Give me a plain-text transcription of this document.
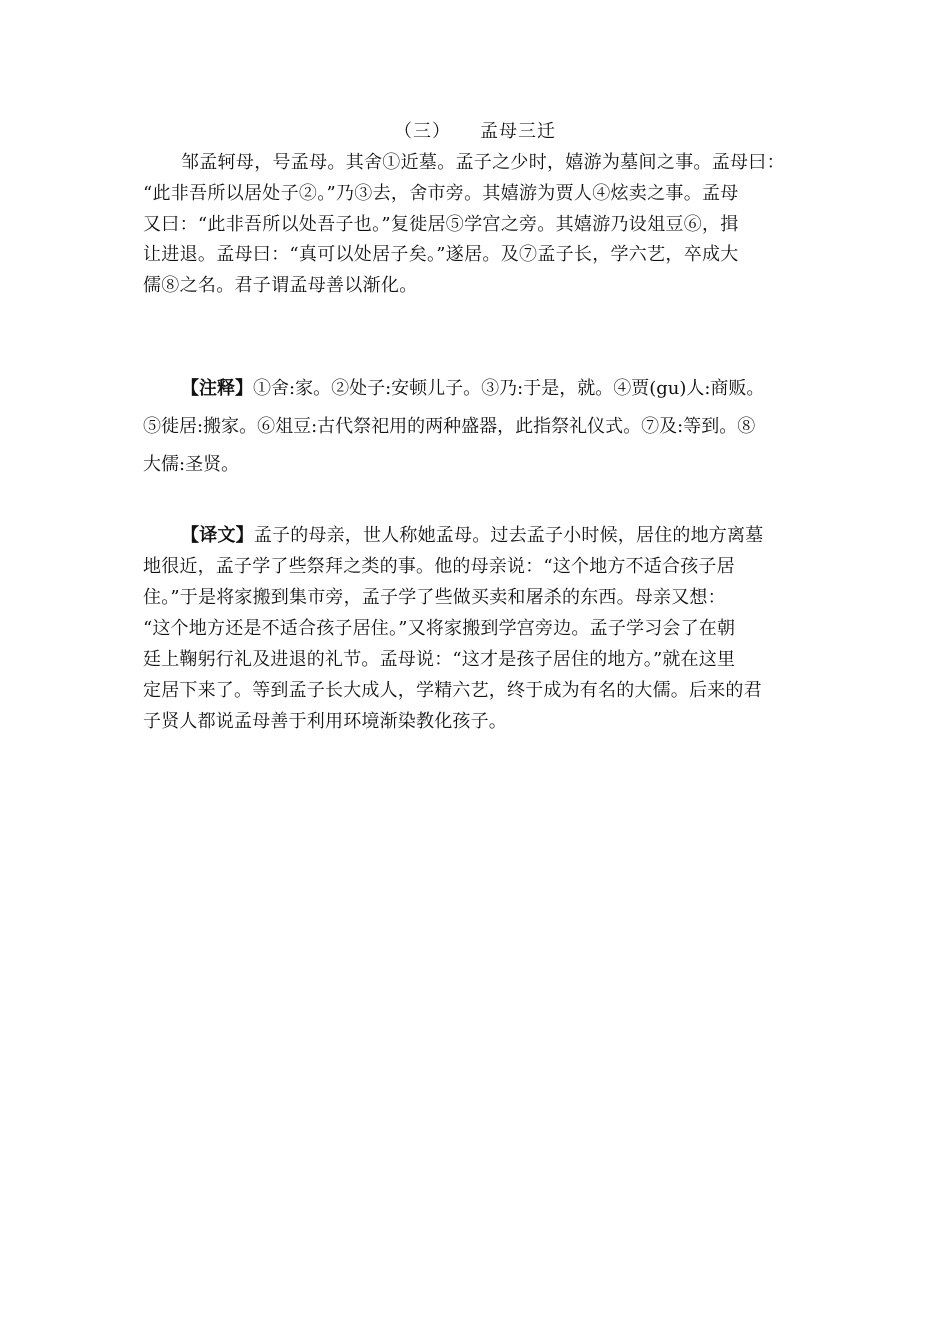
（三）　　孟母三迁
邹孟轲母，号孟母。其舍①近墓。孟子之少时，嬉游为墓间之事。孟母曰：
“此非吾所以居处子②。”乃③去，舍市旁。其嬉游为贾人④炫卖之事。孟母
又曰：“此非吾所以处吾子也。”复徙居⑤学宫之旁。其嬉游乃设俎豆⑥，揖
让进退。孟母曰：“真可以处居子矣。”遂居。及⑦孟子长，学六艺，卒成大
儒⑧之名。君子谓孟母善以渐化。
【注释】①舍:家。②处子:安顿儿子。③乃:于是，就。④贾(gu)人:商贩。
⑤徙居:搬家。⑥俎豆:古代祭祀用的两种盛器，此指祭礼仪式。⑦及:等到。⑧
大儒:圣贤。
【译文】孟子的母亲，世人称她孟母。过去孟子小时候，居住的地方离墓
地很近，孟子学了些祭拜之类的事。他的母亲说：“这个地方不适合孩子居
住。”于是将家搬到集市旁，孟子学了些做买卖和屠杀的东西。母亲又想：
“这个地方还是不适合孩子居住。”又将家搬到学宫旁边。孟子学习会了在朝
廷上鞠躬行礼及进退的礼节。孟母说：“这才是孩子居住的地方。”就在这里
定居下来了。等到孟子长大成人，学精六艺，终于成为有名的大儒。后来的君
子贤人都说孟母善于利用环境渐染教化孩子。
